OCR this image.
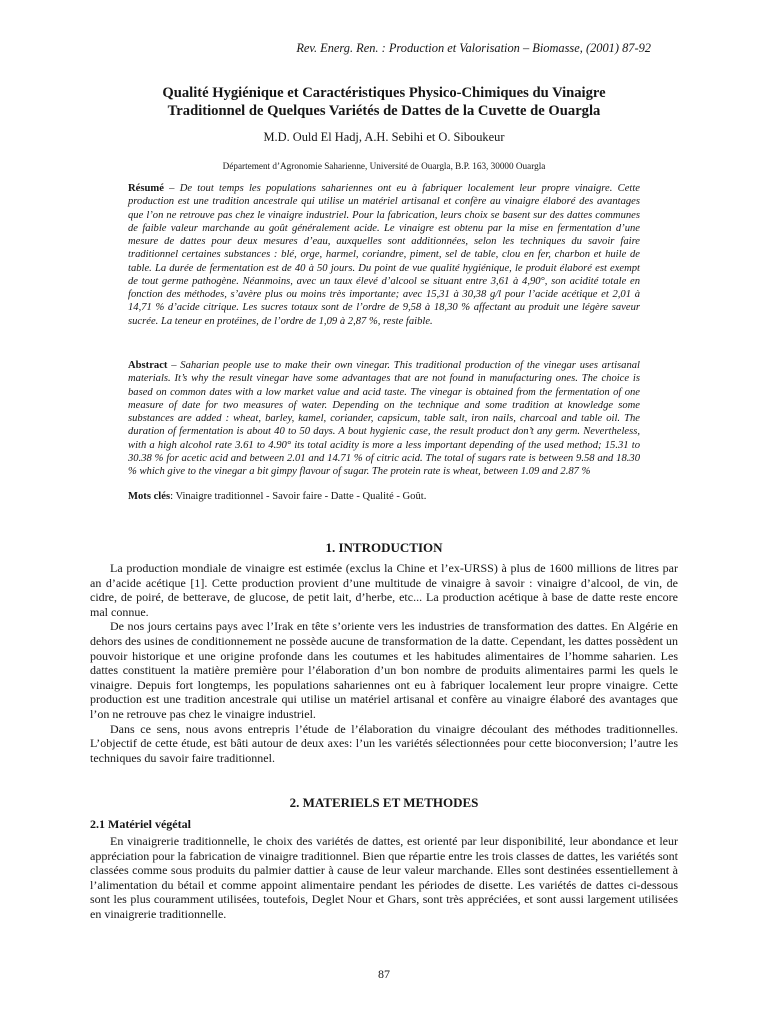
Rev. Energ. Ren. : Production et Valorisation – Biomasse, (2001) 87-92
Qualité Hygiénique et Caractéristiques Physico-Chimiques du Vinaigre
Traditionnel de Quelques Variétés de Dattes de la Cuvette de Ouargla
M.D. Ould El Hadj, A.H. Sebihi et O. Siboukeur
Département d’Agronomie Saharienne, Université de Ouargla, B.P. 163, 30000 Ouargla
Résumé – De tout temps les populations sahariennes ont eu à fabriquer localement leur propre vinaigre. Cette production est une tradition ancestrale qui utilise un matériel artisanal et confère au vinaigre élaboré des avantages que l’on ne retrouve pas chez le vinaigre industriel. Pour la fabrication, leurs choix se basent sur des dattes communes de faible valeur marchande au goût généralement acide. Le vinaigre est obtenu par la mise en fermentation d’une mesure de dattes pour deux mesures d’eau, auxquelles sont additionnées, selon les techniques du savoir faire traditionnel certaines substances : blé, orge, harmel, coriandre, piment, sel de table, clou en fer, charbon et huile de table. La durée de fermentation est de 40 à 50 jours. Du point de vue qualité hygiénique, le produit élaboré est exempt de tout germe pathogène. Néanmoins, avec un taux élevé d’alcool se situant entre 3,61 à 4,90°, son acidité totale en fonction des méthodes, s’avère plus ou moins très importante; avec 15,31 à 30,38 g/l pour l’acide acétique et 2,01 à 14,71 % d’acide citrique. Les sucres totaux sont de l’ordre de 9,58 à 18,30 % affectant au produit une légère saveur sucrée. La teneur en protéines, de l’ordre de 1,09 à 2,87 %, reste faible.
Abstract – Saharian people use to make their own vinegar. This traditional production of the vinegar uses artisanal materials. It’s why the result vinegar have some advantages that are not found in manufacturing ones. The choice is based on common dates with a low market value and acid taste. The vinegar is obtained from the fermentation of one measure of date for two measures of water. Depending on the technique and some tradition at knowledge some substances are added : wheat, barley, kamel, coriander, capsicum, table salt, iron nails, charcoal and table oil. The duration of fermentation is about 40 to 50 days. A bout hygienic case, the result product don’t any germ. Nevertheless, with a high alcohol rate 3.61 to 4.90° its total acidity is more a less important depending of the used method; 15.31 to 30.38 % for acetic acid and between 2.01 and 14.71 % of citric acid. The total of sugars rate is between 9.58 and 18.30 % which give to the vinegar a bit gimpy flavour of sugar. The protein rate is wheat, between 1.09 and 2.87 %
Mots clés: Vinaigre traditionnel - Savoir faire - Datte - Qualité - Goût.
1. INTRODUCTION

La production mondiale de vinaigre est estimée (exclus la Chine et l’ex-URSS) à plus de 1600 millions de litres par an d’acide acétique [1]. Cette production provient d’une multitude de vinaigre à savoir : vinaigre d’alcool, de vin, de cidre, de poiré, de betterave, de glucose, de petit lait, d’herbe, etc... La production acétique à base de datte reste encore mal connue.

De nos jours certains pays avec l’Irak en tête s’oriente vers les industries de transformation des dattes. En Algérie en dehors des usines de conditionnement ne possède aucune de transformation de la datte. Cependant, les dattes possèdent un pouvoir historique et une origine profonde dans les coutumes et les habitudes alimentaires de l’homme saharien. Les dattes constituent la matière première pour l’élaboration d’un bon nombre de produits alimentaires parmi les quels le vinaigre. Depuis fort longtemps, les populations sahariennes ont eu à fabriquer localement leur propre vinaigre. Cette production est une tradition ancestrale qui utilise un matériel artisanal et confère au vinaigre élaboré des avantages que l’on ne retrouve pas chez le vinaigre industriel.

Dans ce sens, nous avons entrepris l’étude de l’élaboration du vinaigre découlant des méthodes traditionnelles. L’objectif de cette étude, est bâti autour de deux axes: l’un les variétés sélectionnées pour cette bioconversion; l’autre les techniques du savoir faire traditionnel.

2. MATERIELS ET METHODES
2.1 Matériel végétal

En vinaigrerie traditionnelle, le choix des variétés de dattes, est orienté par leur disponibilité, leur abondance et leur appréciation pour la fabrication de vinaigre traditionnel. Bien que répartie entre les trois classes de dattes, les variétés sont classées comme sous produits du palmier dattier à cause de leur valeur marchande. Elles sont destinées essentiellement à l’alimentation du bétail et comme appoint alimentaire pendant les périodes de disette. Les variétés de dattes ci-dessous sont les plus couramment utilisées, toutefois, Deglet Nour et Ghars, sont très appréciées, et sont aussi largement utilisées en vinaigrerie traditionnelle.

87
